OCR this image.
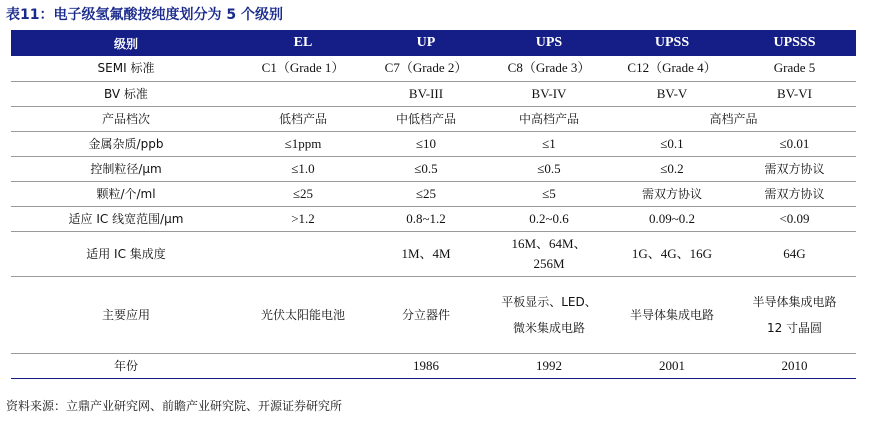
表11：电子级氢氟酸按纯度划分为 5 个级别
级别	EL	UP	UPS	UPSS	UPSSS
SEMI 标准	C1（Grade 1）	C7（Grade 2）	C8（Grade 3）	C12（Grade 4）	Grade 5
BV 标准		BV-III	BV-IV	BV-V	BV-VI
产品档次	低档产品	中低档产品	中高档产品	高档产品	
金属杂质/ppb	≤1ppm	≤10	≤1	≤0.1	≤0.01
控制粒径/μm	≤1.0	≤0.5	≤0.5	≤0.2	需双方协议
颗粒/个/ml	≤25	≤25	≤5	需双方协议	需双方协议
适应 IC 线宽范围/μm	>1.2	0.8~1.2	0.2~0.6	0.09~0.2	<0.09
适用 IC 集成度		1M、4M	16M、64M、256M	1G、4G、16G	64G
主要应用	光伏太阳能电池	分立器件	平板显示、LED、微米集成电路	半导体集成电路	半导体集成电路 12 寸晶圆
年份		1986	1992	2001	2010
资料来源：立鼎产业研究网、前瞻产业研究院、开源证券研究所
